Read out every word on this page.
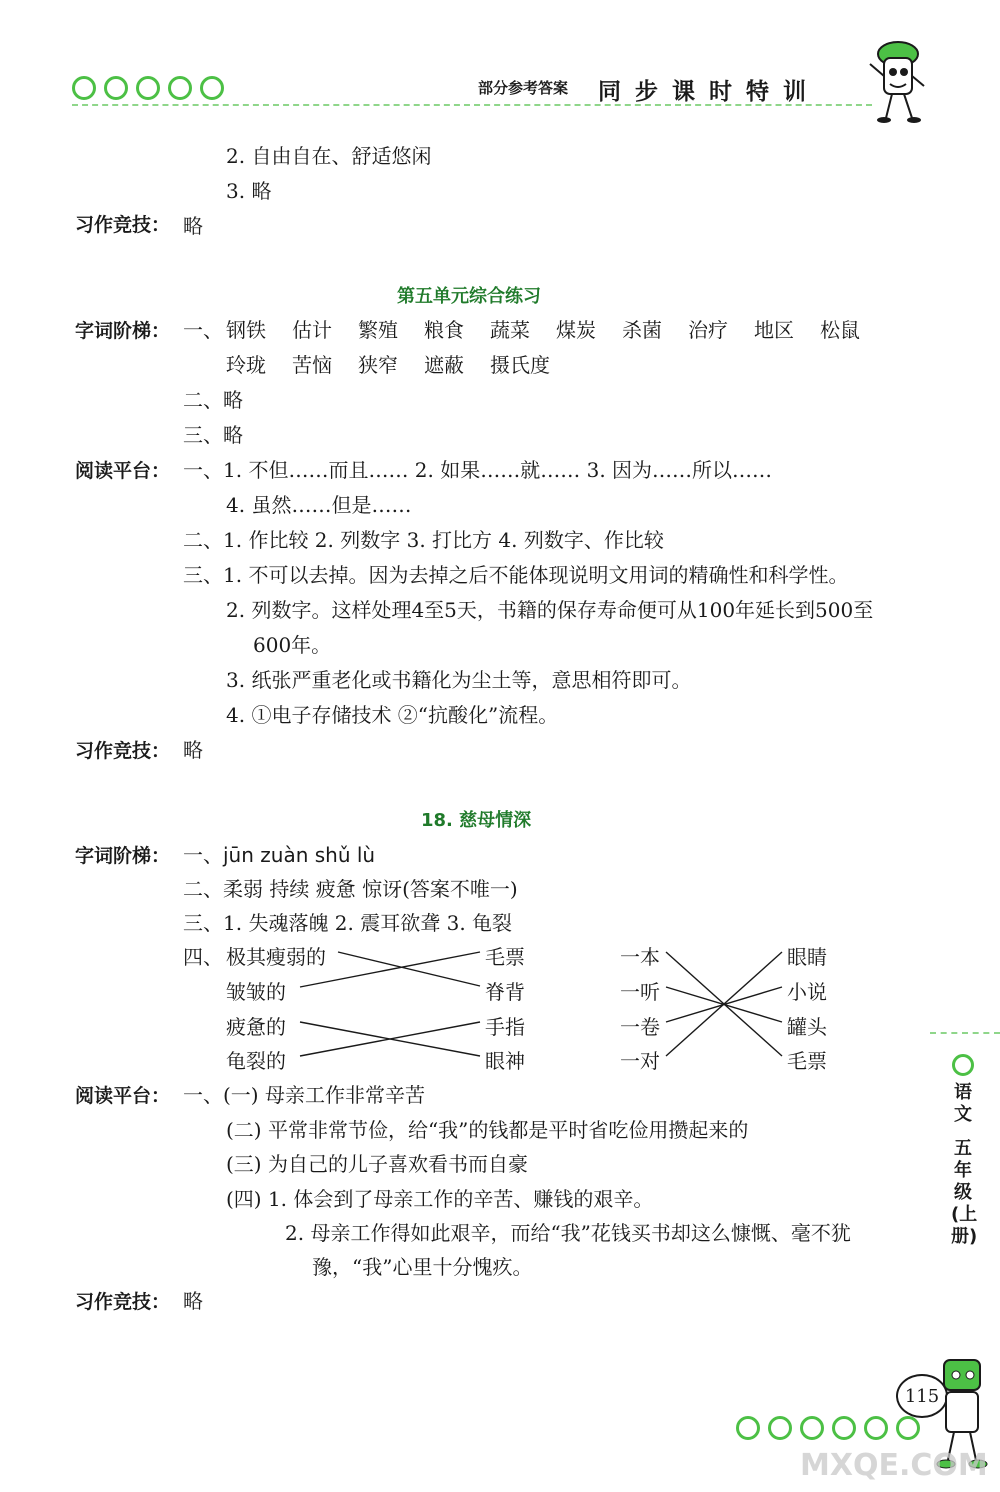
部分参考答案 同步课时特训
2. 自由自在、舒适悠闲
3. 略
习作竞技： 略
第五单元综合练习
字词阶梯： 一、 钢铁 估计 繁殖 粮食 蔬菜 煤炭 杀菌 治疗 地区 松鼠
玲珑 苦恼 狭窄 遮蔽 摄氏度
二、略
三、略
阅读平台： 一、1. 不但……而且…… 2. 如果……就…… 3. 因为……所以……
4. 虽然……但是……
二、1. 作比较 2. 列数字 3. 打比方 4. 列数字、作比较
三、1. 不可以去掉。因为去掉之后不能体现说明文用词的精确性和科学性。
2. 列数字。这样处理4至5天，书籍的保存寿命便可从100年延长到500至
600年。
3. 纸张严重老化或书籍化为尘土等，意思相符即可。
4. ①电子存储技术 ②“抗酸化”流程。
习作竞技： 略
18. 慈母情深
字词阶梯： 一、jūn zuàn shǔ lù
二、柔弱 持续 疲惫 惊讶(答案不唯一)
三、1. 失魂落魄 2. 震耳欲聋 3. 龟裂
四、 极其瘦弱的
皱皱的
疲惫的
龟裂的
毛票
脊背
手指
眼神
一本
一听
一卷
一对
眼睛
小说
罐头
毛票
阅读平台： 一、(一) 母亲工作非常辛苦
(二) 平常非常节俭，给“我”的钱都是平时省吃俭用攒起来的
(三) 为自己的儿子喜欢看书而自豪
(四) 1. 体会到了母亲工作的辛苦、赚钱的艰辛。
2. 母亲工作得如此艰辛，而给“我”花钱买书却这么慷慨、毫不犹
豫，“我”心里十分愧疚。
习作竞技： 略
语文
五年级(上册)
115
MXQE.COM
